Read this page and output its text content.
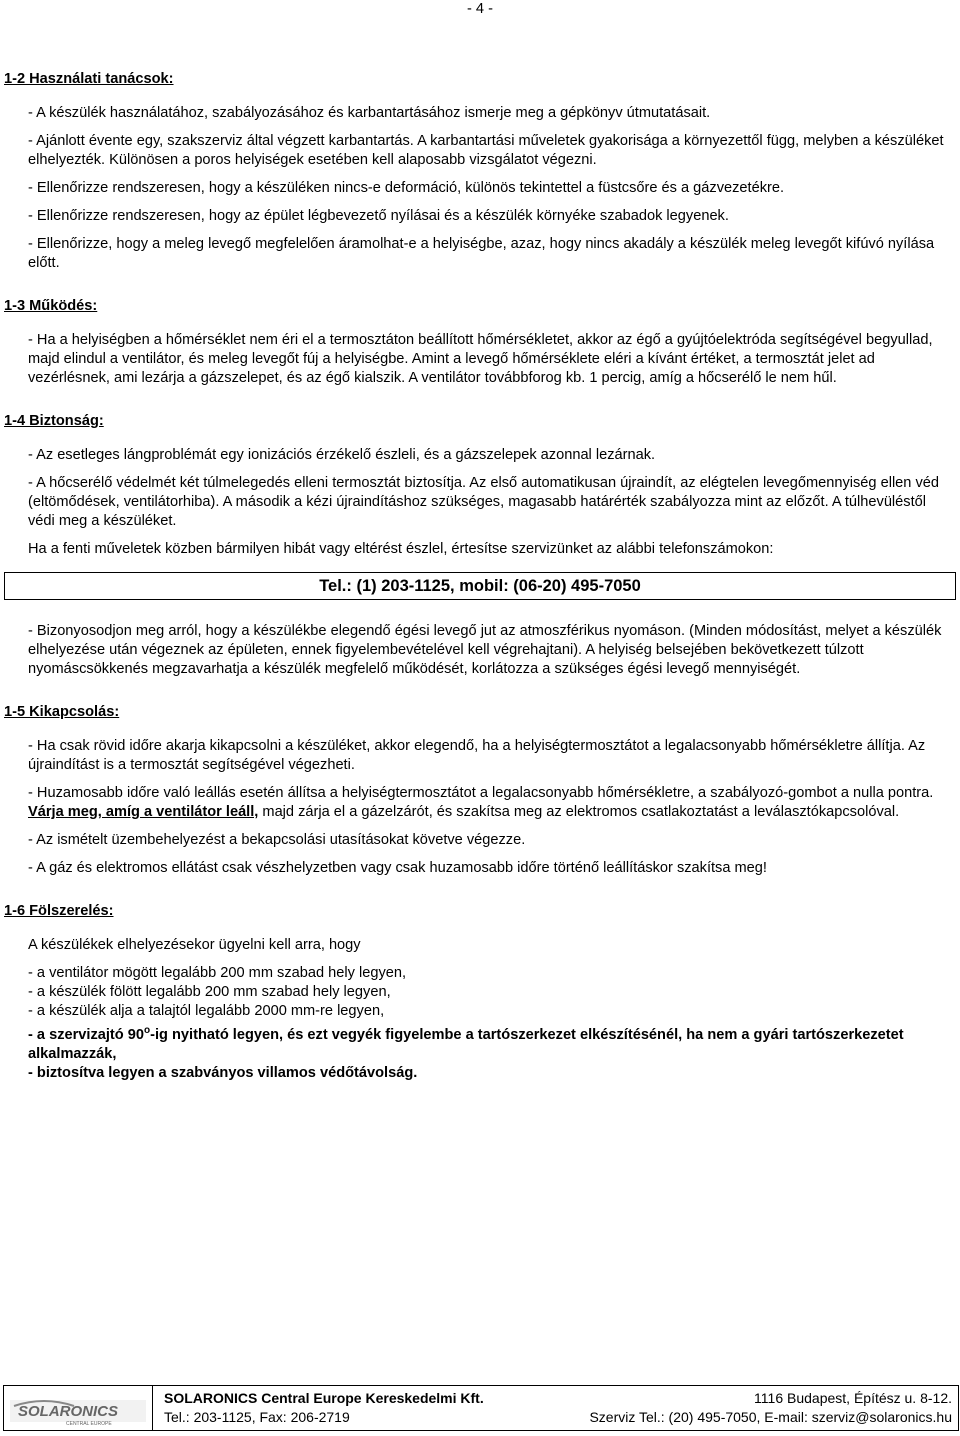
- 4 -
1-2 Használati tanácsok:
- A készülék használatához, szabályozásához és karbantartásához ismerje meg a gépkönyv útmutatásait.
- Ajánlott évente egy, szakszerviz által végzett karbantartás. A karbantartási műveletek gyakorisága a környezettől függ, melyben a készüléket elhelyezték. Különösen a poros helyiségek esetében kell alaposabb vizsgálatot végezni.
- Ellenőrizze rendszeresen, hogy a készüléken nincs-e deformáció, különös tekintettel a füstcsőre és a gázvezetékre.
- Ellenőrizze rendszeresen, hogy az épület légbevezető nyílásai és a készülék környéke szabadok legyenek.
- Ellenőrizze, hogy a meleg levegő megfelelően áramolhat-e a helyiségbe, azaz, hogy nincs akadály a készülék meleg levegőt kifúvó nyílása előtt.
1-3 Működés:
- Ha a helyiségben a hőmérséklet nem éri el a termosztáton beállított hőmérsékletet, akkor az égő a gyújtóelektróda segítségével begyullad, majd elindul a ventilátor, és meleg levegőt fúj a helyiségbe. Amint a levegő hőmérséklete eléri a kívánt értéket, a termosztát jelet ad vezérlésnek, ami lezárja a gázszelepet, és az égő kialszik. A ventilátor továbbforog kb. 1 percig, amíg a hőcserélő le nem hűl.
1-4 Biztonság:
- Az esetleges lángproblémát egy ionizációs érzékelő észleli, és a gázszelepek azonnal lezárnak.
- A hőcserélő védelmét két túlmelegedés elleni termosztát biztosítja. Az első automatikusan újraindít, az elégtelen levegőmennyiség ellen véd (eltömődések, ventilátorhiba). A második a kézi újraindításhoz szükséges, magasabb határérték szabályozza mint az előzőt. A túlhevüléstől védi meg a készüléket.
Ha a fenti műveletek közben bármilyen hibát vagy eltérést észlel, értesítse szervizünket az alábbi telefonszámokon:
Tel.: (1) 203-1125, mobil: (06-20) 495-7050
- Bizonyosodjon meg arról, hogy a készülékbe elegendő égési levegő jut az atmoszférikus nyomáson. (Minden módosítást, melyet a készülék elhelyezése után végeznek az épületen, ennek figyelembevételével kell végrehajtani). A helyiség belsejében bekövetkezett túlzott nyomáscsökkenés megzavarhatja a készülék megfelelő működését, korlátozza a szükséges égési levegő mennyiségét.
1-5 Kikapcsolás:
- Ha csak rövid időre akarja kikapcsolni a készüléket, akkor elegendő, ha a helyiségtermosztátot a legalacsonyabb hőmérsékletre állítja. Az újraindítást is a termosztát segítségével végezheti.
- Huzamosabb időre való leállás esetén állítsa a helyiségtermosztátot a legalacsonyabb hőmérsékletre, a szabályozó-gombot a nulla pontra. Várja meg, amíg a ventilátor leáll, majd zárja el a gázelzárót, és szakítsa meg az elektromos csatlakoztatást a leválasztókapcsolóval.
- Az ismételt üzembehelyezést a bekapcsolási utasításokat követve végezze.
- A gáz és elektromos ellátást csak vészhelyzetben vagy csak huzamosabb időre történő leállításkor szakítsa meg!
1-6 Fölszerelés:
A készülékek elhelyezésekor ügyelni kell arra, hogy
- a ventilátor mögött legalább 200 mm szabad hely legyen,
- a készülék fölött legalább 200 mm szabad hely legyen,
- a készülék alja a talajtól legalább 2000 mm-re legyen,
- a szervizajtó 90$^o$-ig nyitható legyen, és ezt vegyék figyelembe a tartószerkezet elkészítésénél, ha nem a gyári tartószerkezetet alkalmazzák,
- biztosítva legyen a szabványos villamos védőtávolság.
SOLARONICS
CENTRAL EUROPE
SOLARONICS Central Europe Kereskedelmi Kft.	1116 Budapest, Építész u. 8-12.
Tel.: 203-1125, Fax: 206-2719	Szerviz Tel.: (20) 495-7050, E-mail: szerviz@solaronics.hu
